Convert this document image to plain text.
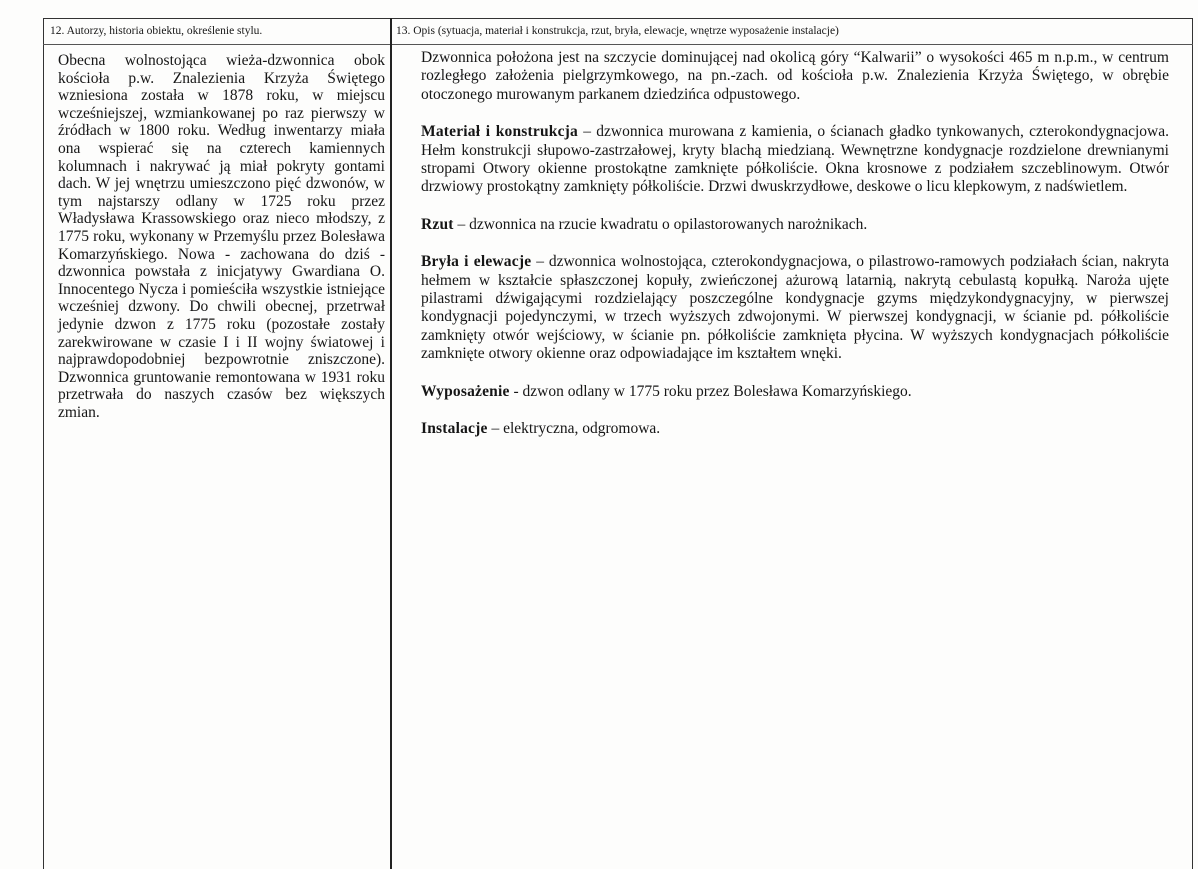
12. Autorzy, historia obiektu, określenie stylu.	13. Opis (sytuacja, materiał i konstrukcja, rzut, bryła, elewacje, wnętrze wyposażenie instalacje)
Obecna wolnostojąca wieża-dzwonnica obok kościoła p.w. Znalezienia Krzyża Świętego wzniesiona została w 1878 roku, w miejscu wcześniejszej, wzmiankowanej po raz pierwszy w źródłach w 1800 roku. Według inwentarzy miała ona wspierać się na czterech kamiennych kolumnach i nakrywać ją miał pokryty gontami dach. W jej wnętrzu umieszczono pięć dzwonów, w tym najstarszy odlany w 1725 roku przez Władysława Krassowskiego oraz nieco młodszy, z 1775 roku, wykonany w Przemyślu przez Bolesława Komarzyńskiego. Nowa - zachowana do dziś - dzwonnica powstała z inicjatywy Gwardiana O. Innocentego Nycza i pomieściła wszystkie istniejące wcześniej dzwony. Do chwili obecnej, przetrwał jedynie dzwon z 1775 roku (pozostałe zostały zarekwirowane w czasie I i II wojny światowej i najprawdopodobniej bezpowrotnie zniszczone). Dzwonnica gruntowanie remontowana w 1931 roku przetrwała do naszych czasów bez większych zmian.

Dzwonnica położona jest na szczycie dominującej nad okolicą góry “Kalwarii” o wysokości 465 m n.p.m., w centrum rozległego założenia pielgrzymkowego, na pn.-zach. od kościoła p.w. Znalezienia Krzyża Świętego, w obrębie otoczonego murowanym parkanem dziedzińca odpustowego.

Materiał i konstrukcja – dzwonnica murowana z kamienia, o ścianach gładko tynkowanych, czterokondygnacjowa. Hełm konstrukcji słupowo-zastrzałowej, kryty blachą miedzianą. Wewnętrzne kondygnacje rozdzielone drewnianymi stropami Otwory okienne prostokątne zamknięte półkoliście. Okna krosnowe z podziałem szczeblinowym. Otwór drzwiowy prostokątny zamknięty półkoliście. Drzwi dwuskrzydłowe, deskowe o licu klepkowym, z nadświetlem.

Rzut – dzwonnica na rzucie kwadratu o opilastorowanych narożnikach.

Bryła i elewacje – dzwonnica wolnostojąca, czterokondygnacjowa, o pilastrowo-ramowych podziałach ścian, nakryta hełmem w kształcie spłaszczonej kopuły, zwieńczonej ażurową latarnią, nakrytą cebulastą kopułką. Naroża ujęte pilastrami dźwigającymi rozdzielający poszczególne kondygnacje gzyms międzykondygnacyjny, w pierwszej kondygnacji pojedynczymi, w trzech wyższych zdwojonymi. W pierwszej kondygnacji, w ścianie pd. półkoliście zamknięty otwór wejściowy, w ścianie pn. półkoliście zamknięta płycina. W wyższych kondygnacjach półkoliście zamknięte otwory okienne oraz odpowiadające im kształtem wnęki.

Wyposażenie - dzwon odlany w 1775 roku przez Bolesława Komarzyńskiego.

Instalacje – elektryczna, odgromowa.
